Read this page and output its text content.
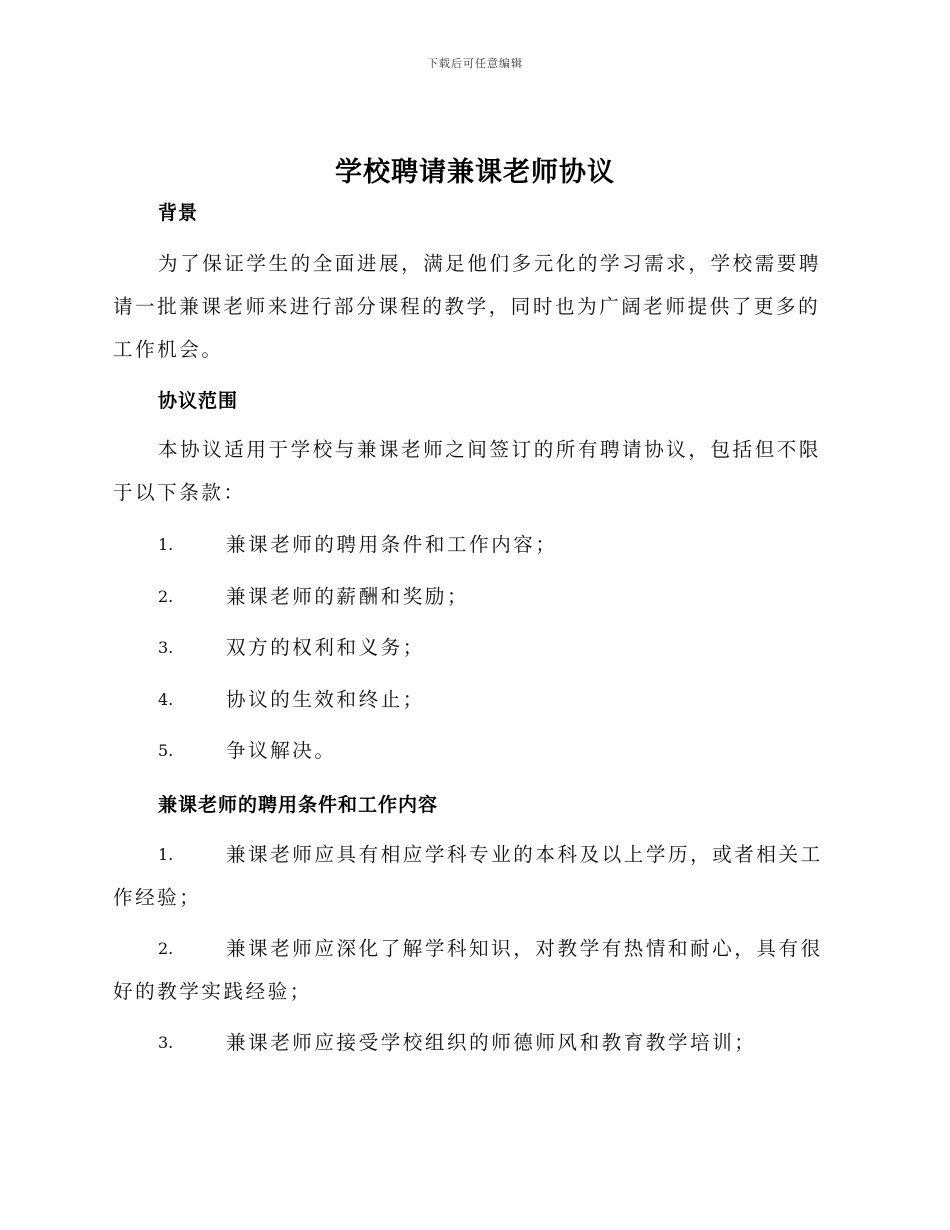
下载后可任意编辑
学校聘请兼课老师协议
背景
为了保证学生的全面进展，满足他们多元化的学习需求，学校需要聘请一批兼课老师来进行部分课程的教学，同时也为广阔老师提供了更多的工作机会。
协议范围
本协议适用于学校与兼课老师之间签订的所有聘请协议，包括但不限于以下条款：
1.	兼课老师的聘用条件和工作内容；
2.	兼课老师的薪酬和奖励；
3.	双方的权利和义务；
4.	协议的生效和终止；
5.	争议解决。
兼课老师的聘用条件和工作内容
1.	兼课老师应具有相应学科专业的本科及以上学历，或者相关工作经验；
2.	兼课老师应深化了解学科知识，对教学有热情和耐心，具有很好的教学实践经验；
3.	兼课老师应接受学校组织的师德师风和教育教学培训；
